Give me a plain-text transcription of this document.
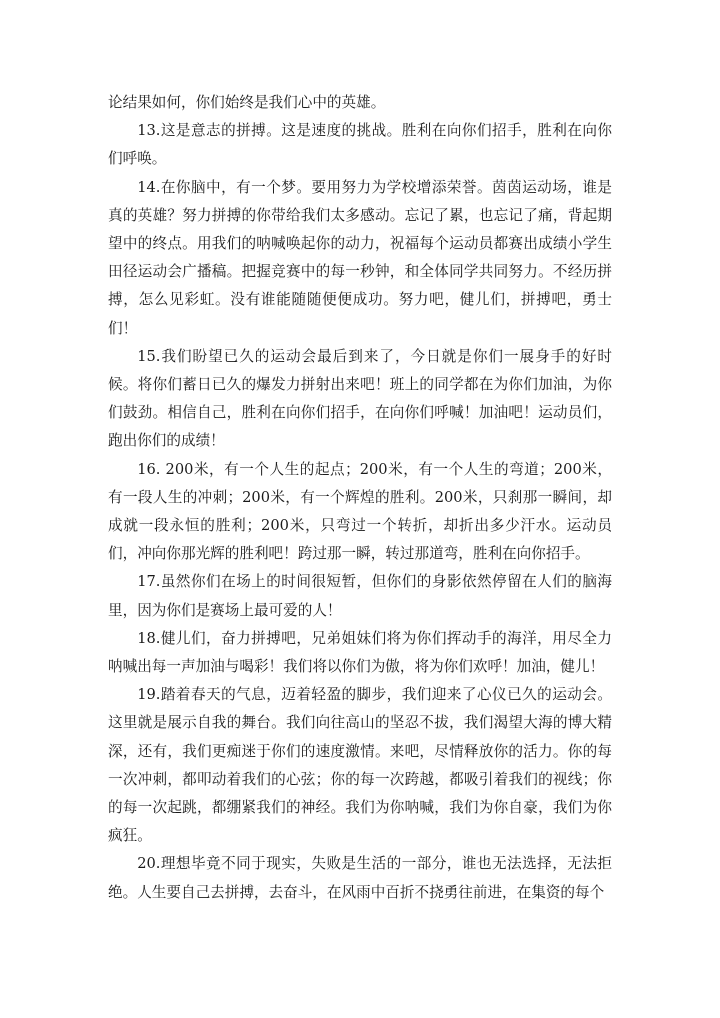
论结果如何，你们始终是我们心中的英雄。

13.这是意志的拼搏。这是速度的挑战。胜利在向你们招手，胜利在向你们呼唤。

14.在你脑中，有一个梦。要用努力为学校增添荣誉。茵茵运动场，谁是真的英雄？努力拼搏的你带给我们太多感动。忘记了累，也忘记了痛，背起期望中的终点。用我们的呐喊唤起你的动力，祝福每个运动员都赛出成绩小学生田径运动会广播稿。把握竞赛中的每一秒钟，和全体同学共同努力。不经历拼搏，怎么见彩虹。没有谁能随随便便成功。努力吧，健儿们，拼搏吧，勇士们！

15.我们盼望已久的运动会最后到来了，今日就是你们一展身手的好时候。将你们蓄日已久的爆发力拼射出来吧！班上的同学都在为你们加油，为你们鼓劲。相信自己，胜利在向你们招手，在向你们呼喊！加油吧！运动员们，跑出你们的成绩！

16. 200米，有一个人生的起点；200米，有一个人生的弯道；200米，有一段人生的冲刺；200米，有一个辉煌的胜利。200米，只刹那一瞬间，却成就一段永恒的胜利；200米，只弯过一个转折，却折出多少汗水。运动员们，冲向你那光辉的胜利吧！跨过那一瞬，转过那道弯，胜利在向你招手。

17.虽然你们在场上的时间很短暂，但你们的身影依然停留在人们的脑海里，因为你们是赛场上最可爱的人！

18.健儿们，奋力拼搏吧，兄弟姐妹们将为你们挥动手的海洋，用尽全力呐喊出每一声加油与喝彩！我们将以你们为傲，将为你们欢呼！加油，健儿！

19.踏着春天的气息，迈着轻盈的脚步，我们迎来了心仪已久的运动会。这里就是展示自我的舞台。我们向往高山的坚忍不拔，我们渴望大海的博大精深，还有，我们更痴迷于你们的速度激情。来吧，尽情释放你的活力。你的每一次冲刺，都叩动着我们的心弦；你的每一次跨越，都吸引着我们的视线；你的每一次起跳，都绷紧我们的神经。我们为你呐喊，我们为你自豪，我们为你疯狂。

20.理想毕竟不同于现实，失败是生活的一部分，谁也无法选择，无法拒绝。人生要自己去拼搏，去奋斗，在风雨中百折不挠勇往前进，在集资的每个
